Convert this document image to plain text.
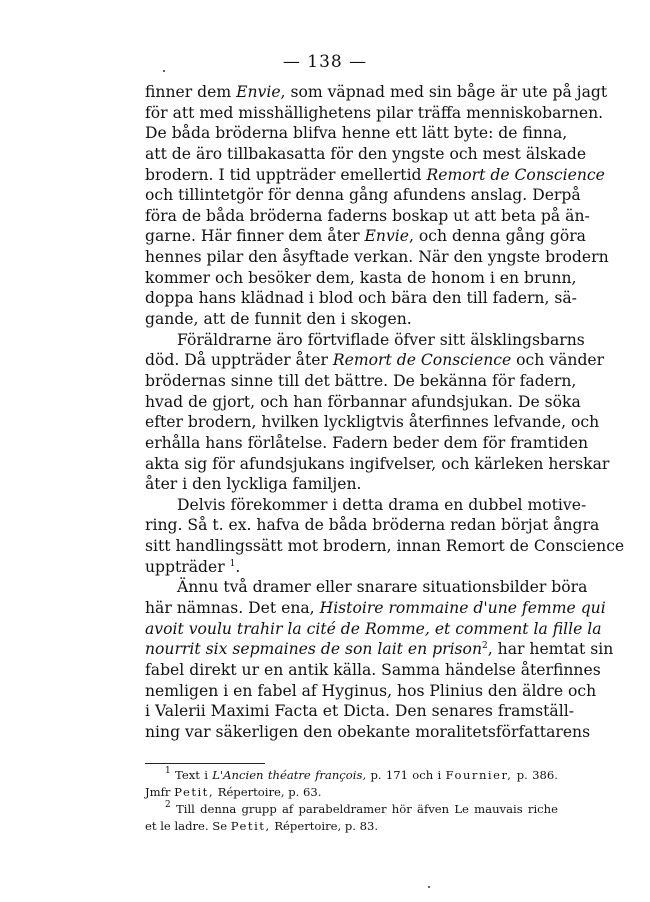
— 138 —
finner dem Envie, som väpnad med sin båge är ute på jagt
för att med misshällighetens pilar träffa menniskobarnen.
De båda bröderna blifva henne ett lätt byte: de finna,
att de äro tillbakasatta för den yngste och mest älskade
brodern. I tid uppträder emellertid Remort de Conscience
och tillintetgör för denna gång afundens anslag. Derpå
föra de båda bröderna faderns boskap ut att beta på än-
garne. Här finner dem åter Envie, och denna gång göra
hennes pilar den åsyftade verkan. När den yngste brodern
kommer och besöker dem, kasta de honom i en brunn,
doppa hans klädnad i blod och bära den till fadern, sä-
gande, att de funnit den i skogen.
Föräldrarne äro förtviflade öfver sitt älsklingsbarns
död. Då uppträder åter Remort de Conscience och vänder
brödernas sinne till det bättre. De bekänna för fadern,
hvad de gjort, och han förbannar afundsjukan. De söka
efter brodern, hvilken lyckligtvis återfinnes lefvande, och
erhålla hans förlåtelse. Fadern beder dem för framtiden
akta sig för afundsjukans ingifvelser, och kärleken herskar
åter i den lyckliga familjen.
Delvis förekommer i detta drama en dubbel motive-
ring. Så t. ex. hafva de båda bröderna redan börjat ångra
sitt handlingssätt mot brodern, innan Remort de Conscience
uppträder $^1$.
Ännu två dramer eller snarare situationsbilder böra
här nämnas. Det ena, Histoire rommaine d'une femme qui
avoit voulu trahir la cité de Romme, et comment la fille la
nourrit six sepmaines de son lait en prison$^2$, har hemtat sin
fabel direkt ur en antik källa. Samma händelse återfinnes
nemligen i en fabel af Hyginus, hos Plinius den äldre och
i Valerii Maximi Facta et Dicta. Den senares framställ-
ning var säkerligen den obekante moralitetsförfattarens
$^1$ Text i L'Ancien théatre françois, p. 171 och i Fournier, p. 386.
Jmfr Petit, Répertoire, p. 63.
$^2$ Till denna grupp af parabeldramer hör äfven Le mauvais riche
et le ladre. Se Petit, Répertoire, p. 83.
